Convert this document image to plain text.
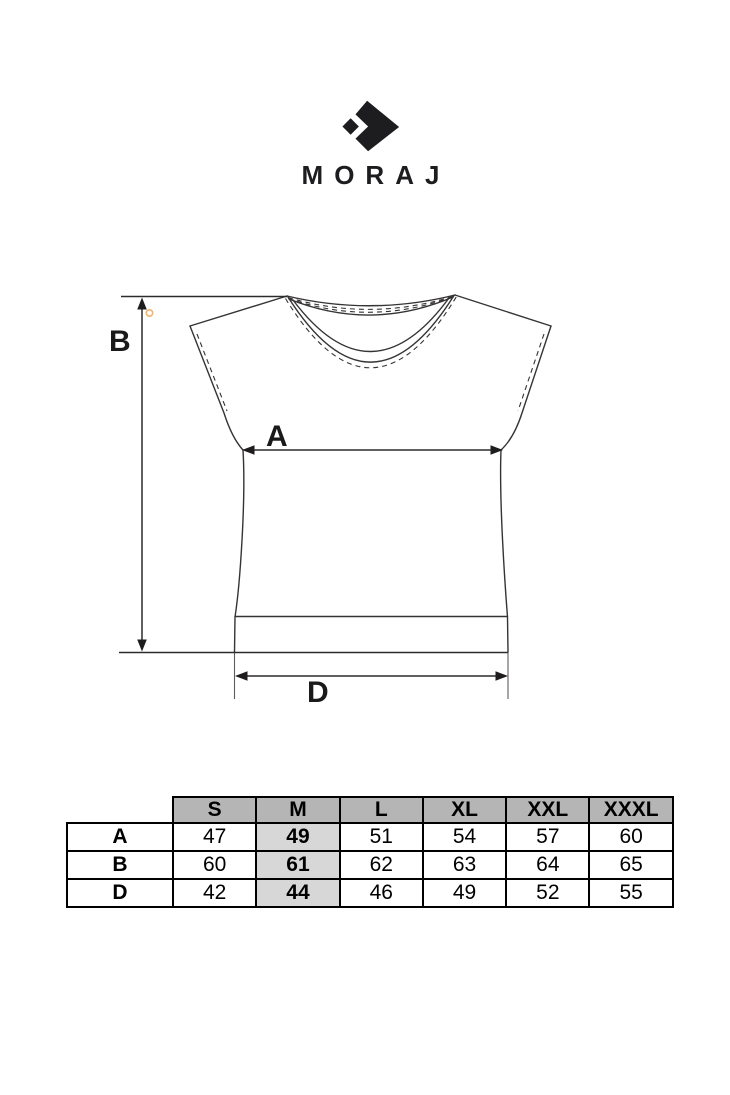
MORAJ
B
A
D
	S	M	L	XL	XXL	XXXL
A	47	49	51	54	57	60
B	60	61	62	63	64	65
D	42	44	46	49	52	55
